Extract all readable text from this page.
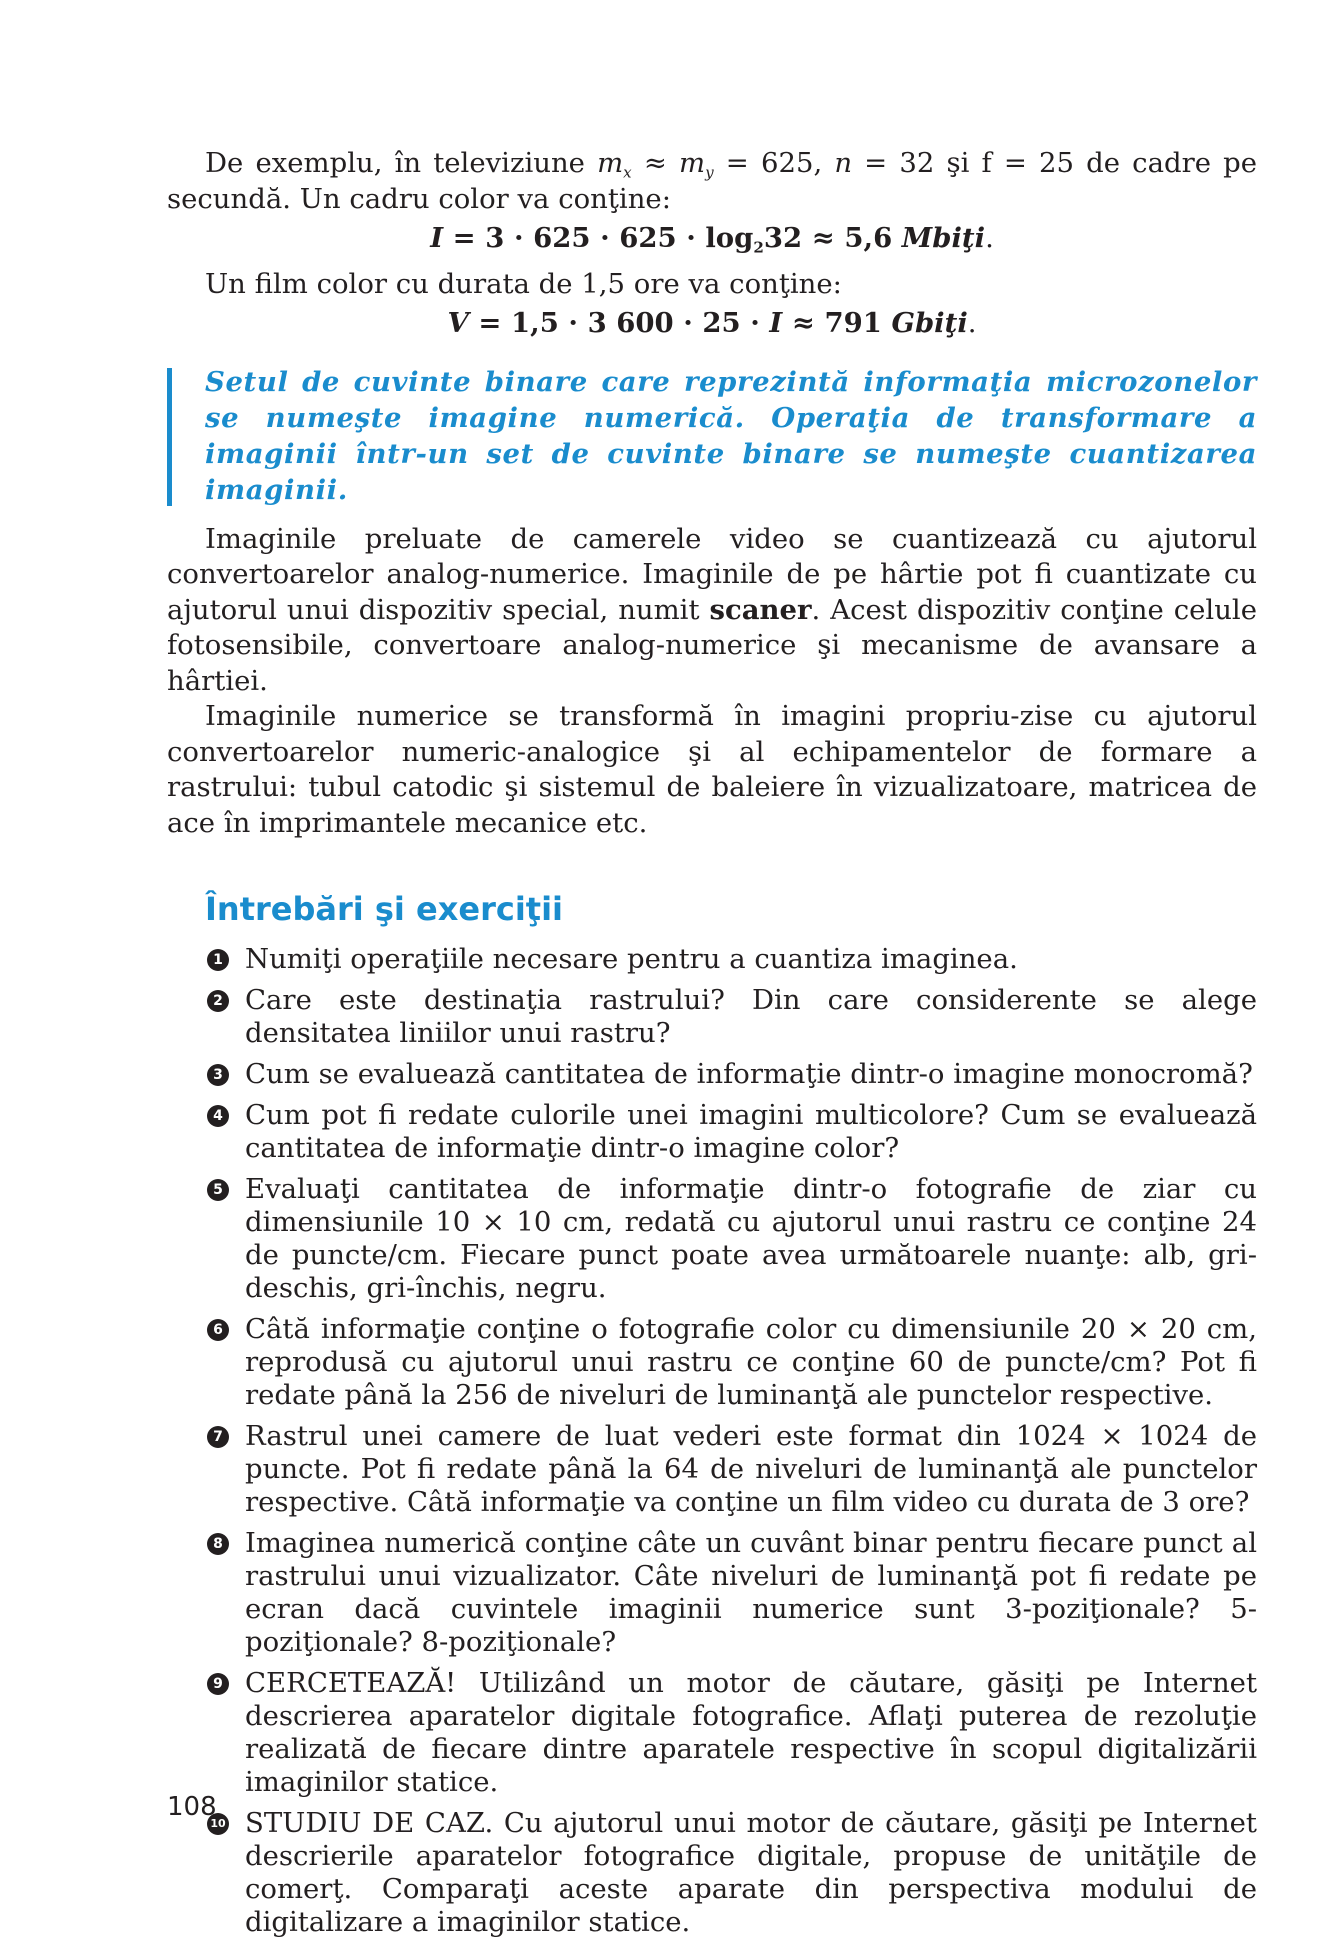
De exemplu, în televiziune $m_x \approx m_y = 625$, n = 32 şi f = 25 de cadre pe secundă. Un cadru color va conţine:

$I = 3 \cdot 625 \cdot 625 \cdot \log_232 \approx 5,6$ Mbiţi.

Un film color cu durata de 1,5 ore va conţine:

V = 1,5 · 3 600 · 25 · I ≈ 791 Gbiţi.

Setul de cuvinte binare care reprezintă informaţia microzonelor se numeşte imagine numerică. Operaţia de transformare a imaginii într-un set de cuvinte binare se numeşte cuantizarea imaginii.

Imaginile preluate de camerele video se cuantizează cu ajutorul convertoarelor analog-numerice. Imaginile de pe hârtie pot fi cuantizate cu ajutorul unui dispozitiv special, numit scaner. Acest dispozitiv conţine celule fotosensibile, convertoare analog-numerice şi mecanisme de avansare a hârtiei.

Imaginile numerice se transformă în imagini propriu-zise cu ajutorul convertoarelor numeric-analogice şi al echipamentelor de formare a rastrului: tubul catodic şi sistemul de baleiere în vizualizatoare, matricea de ace în imprimantele mecanice etc.

Întrebări şi exerciţii
1 Numiţi operaţiile necesare pentru a cuantiza imaginea.
2 Care este destinaţia rastrului? Din care considerente se alege densitatea liniilor unui rastru?
3 Cum se evaluează cantitatea de informaţie dintr-o imagine monocromă?
4 Cum pot fi redate culorile unei imagini multicolore? Cum se evaluează cantitatea de informaţie dintr-o imagine color?
5 Evaluaţi cantitatea de informaţie dintr-o fotografie de ziar cu dimensiunile 10 × 10 cm, redată cu ajutorul unui rastru ce conţine 24 de puncte/cm. Fiecare punct poate avea următoarele nuanţe: alb, gri-deschis, gri-închis, negru.
6 Câtă informaţie conţine o fotografie color cu dimensiunile 20 × 20 cm, reprodusă cu ajutorul unui rastru ce conţine 60 de puncte/cm? Pot fi redate până la 256 de niveluri de luminanţă ale punctelor respective.
7 Rastrul unei camere de luat vederi este format din 1024 × 1024 de puncte. Pot fi redate până la 64 de niveluri de luminanţă ale punctelor respective. Câtă informaţie va conţine un film video cu durata de 3 ore?
8 Imaginea numerică conţine câte un cuvânt binar pentru fiecare punct al rastrului unui vizualizator. Câte niveluri de luminanţă pot fi redate pe ecran dacă cuvintele imaginii numerice sunt 3-poziţionale? 5-poziţionale? 8-poziţionale?
9 CERCETEAZĂ! Utilizând un motor de căutare, găsiţi pe Internet descrierea aparatelor digitale fotografice. Aflaţi puterea de rezoluţie realizată de fiecare dintre aparatele respective în scopul digitalizării imaginilor statice.
10 STUDIU DE CAZ. Cu ajutorul unui motor de căutare, găsiţi pe Internet descrierile aparatelor fotografice digitale, propuse de unităţile de comerţ. Comparaţi aceste aparate din perspectiva modului de digitalizare a imaginilor statice.
108
